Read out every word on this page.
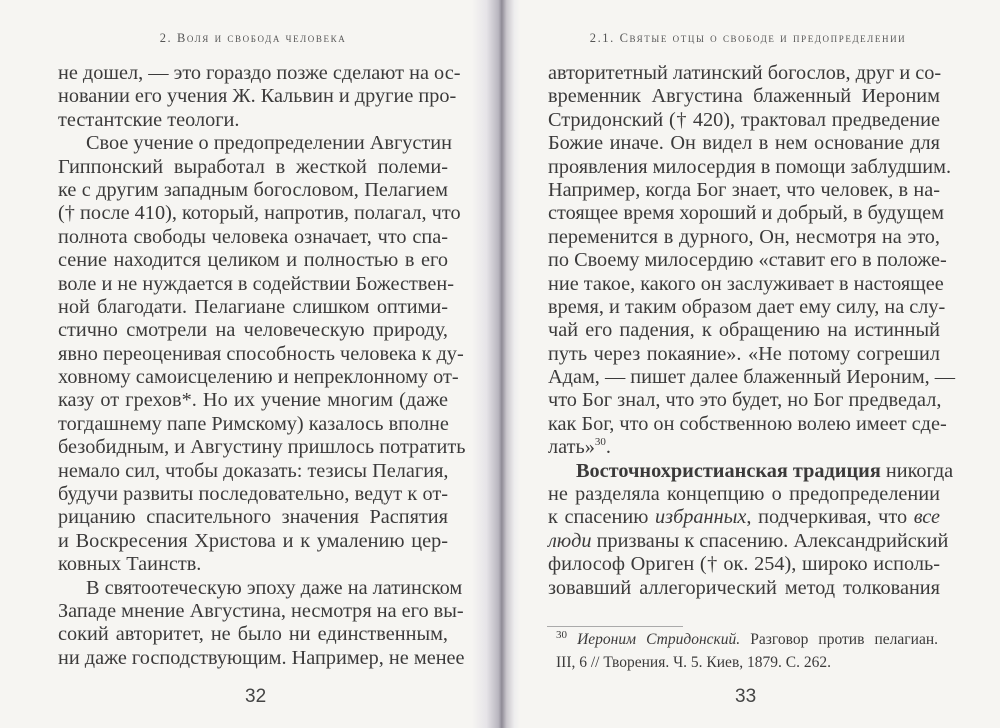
2. Воля и свобода человека	2.1. Святые отцы о свободе и предопределении
не дошел, — это гораздо позже сделают на ос-
новании его учения Ж. Кальвин и другие про-
тестантские теологи.
Свое учение о предопределении Августин
Гиппонский выработал в жесткой полеми-
ке с другим западным богословом, Пелагием
(† после 410), который, напротив, полагал, что
полнота свободы человека означает, что спа-
сение находится целиком и полностью в его
воле и не нуждается в содействии Божествен-
ной благодати. Пелагиане слишком оптими-
стично смотрели на человеческую природу,
явно переоценивая способность человека к ду-
ховному самоисцелению и непреклонному от-
казу от грехов*. Но их учение многим (даже
тогдашнему папе Римскому) казалось вполне
безобидным, и Августину пришлось потратить
немало сил, чтобы доказать: тезисы Пелагия,
будучи развиты последовательно, ведут к от-
рицанию спасительного значения Распятия
и Воскресения Христова и к умалению цер-
ковных Таинств.
В святоотеческую эпоху даже на латинском
Западе мнение Августина, несмотря на его вы-
сокий авторитет, не было ни единственным,
ни даже господствующим. Например, не менее
авторитетный латинский богослов, друг и со-
временник Августина блаженный Иероним
Стридонский († 420), трактовал предведение
Божие иначе. Он видел в нем основание для
проявления милосердия в помощи заблудшим.
Например, когда Бог знает, что человек, в на-
стоящее время хороший и добрый, в будущем
переменится в дурного, Он, несмотря на это,
по Своему милосердию «ставит его в положе-
ние такое, какого он заслуживает в настоящее
время, и таким образом дает ему силу, на слу-
чай его падения, к обращению на истинный
путь через покаяние». «Не потому согрешил
Адам, — пишет далее блаженный Иероним, —
что Бог знал, что это будет, но Бог предведал,
как Бог, что он собственною волею имеет сде-
лать»$^{30}$.
Восточнохристианская традиция никогда
не разделяла концепцию о предопределении
к спасению избранных, подчеркивая, что все
люди призваны к спасению. Александрийский
философ Ориген († ок. 254), широко исполь-
зовавший аллегорический метод толкования
$^{30}$ Иероним Стридонский. Разговор против пелагиан.
III, 6 // Творения. Ч. 5. Киев, 1879. С. 262.
32	33
